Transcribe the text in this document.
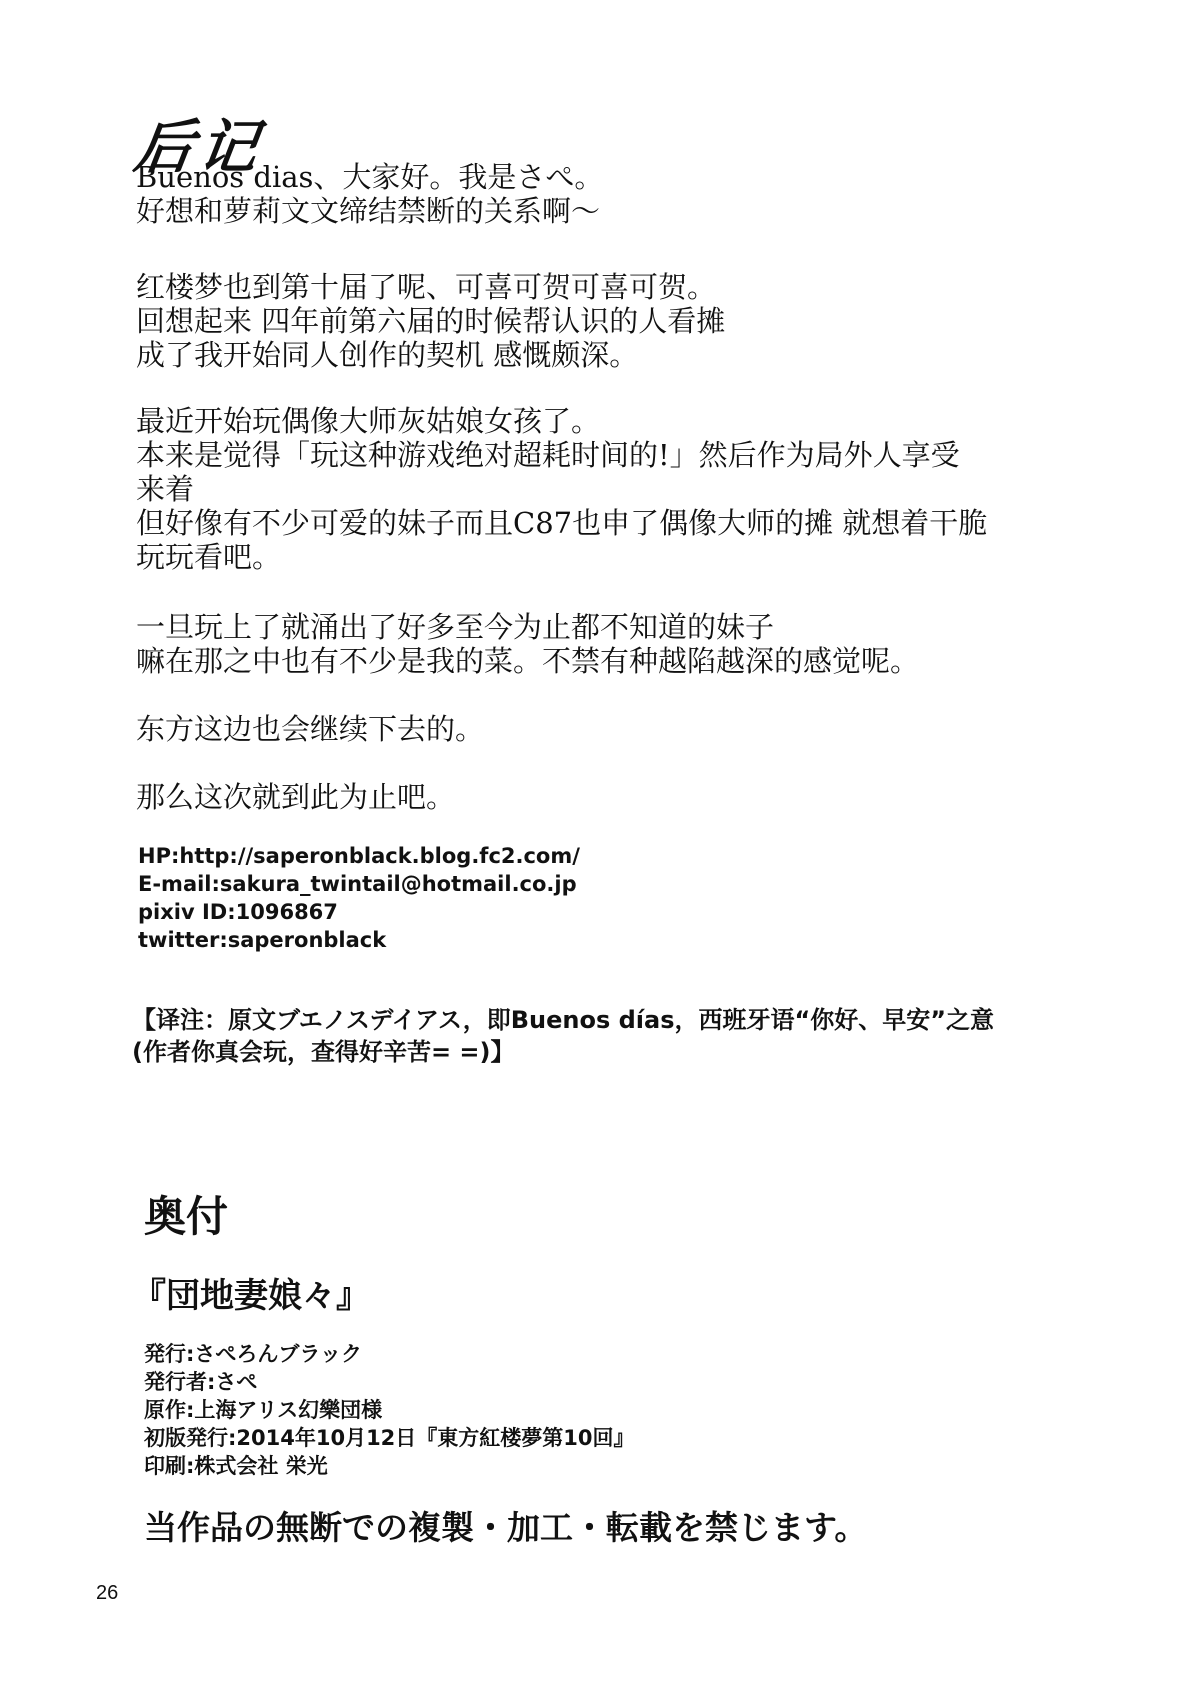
后记
Buenos dias、大家好。我是さぺ。
好想和萝莉文文缔结禁断的关系啊～
红楼梦也到第十届了呢、可喜可贺可喜可贺。
回想起来 四年前第六届的时候帮认识的人看摊
成了我开始同人创作的契机 感慨颇深。
最近开始玩偶像大师灰姑娘女孩了。
本来是觉得「玩这种游戏绝对超耗时间的!」然后作为局外人享受
来着
但好像有不少可爱的妹子而且C87也申了偶像大师的摊 就想着干脆
玩玩看吧。
一旦玩上了就涌出了好多至今为止都不知道的妹子
嘛在那之中也有不少是我的菜。不禁有种越陷越深的感觉呢。
东方这边也会继续下去的。
那么这次就到此为止吧。
HP:http://saperonblack.blog.fc2.com/
E-mail:sakura_twintail@hotmail.co.jp
pixiv ID:1096867
twitter:saperonblack
【译注：原文ブエノスデイアス，即Buenos días，西班牙语“你好、早安”之意
(作者你真会玩，查得好辛苦= =)】
奥付
『団地妻娘々』
発行:さぺろんブラック
発行者:さぺ
原作:上海アリス幻樂団様
初版発行:2014年10月12日『東方紅楼夢第10回』
印刷:株式会社 栄光
当作品の無断での複製・加工・転載を禁じます。
26
